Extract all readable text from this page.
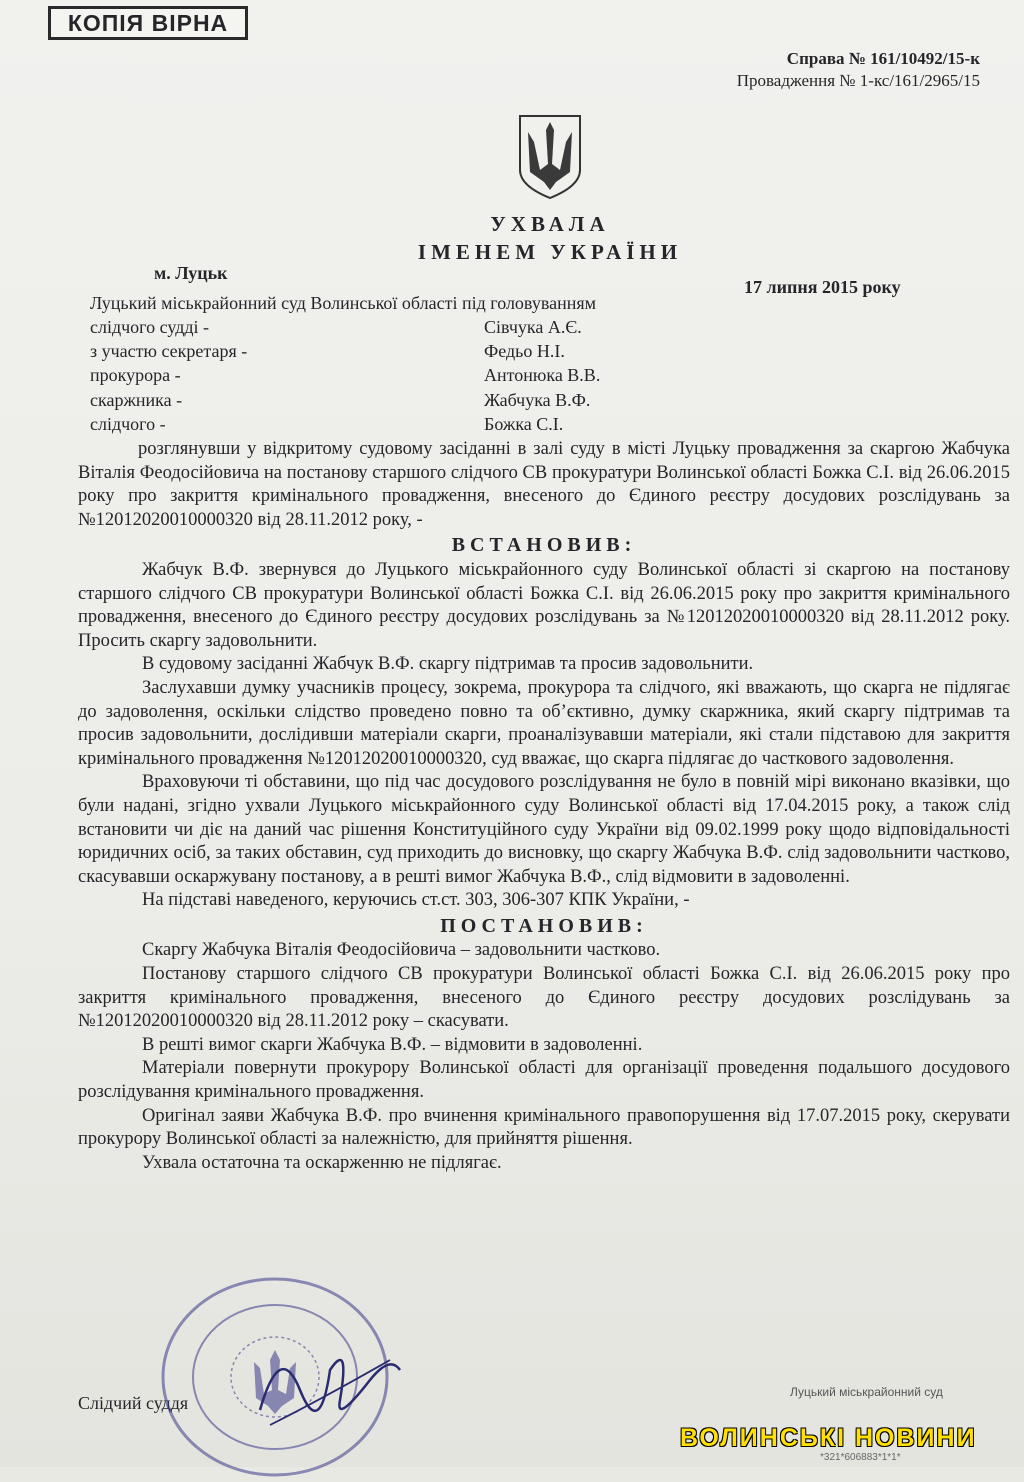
КОПІЯ ВІРНА
Справа № 161/10492/15-к
Провадження № 1-кс/161/2965/15
УХВАЛА
ІМЕНЕМ УКРАЇНИ
м. Луцьк
17 липня 2015 року
Луцький міськрайонний суд Волинської області під головуванням
слідчого судді -	Сівчука А.Є.
з участю секретаря -	Федьо Н.І.
прокурора -	Антонюка В.В.
скаржника -	Жабчука В.Ф.
слідчого -	Божка С.І.

розглянувши у відкритому судовому засіданні в залі суду в місті Луцьку провадження за скаргою Жабчука Віталія Феодосійовича на постанову старшого слідчого СВ прокуратури Волинської області Божка С.І. від 26.06.2015 року про закриття кримінального провадження, внесеного до Єдиного реєстру досудових розслідувань за №12012020010000320 від 28.11.2012 року, -

ВСТАНОВИВ:

Жабчук В.Ф. звернувся до Луцького міськрайонного суду Волинської області зі скаргою на постанову старшого слідчого СВ прокуратури Волинської області Божка С.І. від 26.06.2015 року про закриття кримінального провадження, внесеного до Єдиного реєстру досудових розслідувань за №12012020010000320 від 28.11.2012 року. Просить скаргу задовольнити.

В судовому засіданні Жабчук В.Ф. скаргу підтримав та просив задовольнити.

Заслухавши думку учасників процесу, зокрема, прокурора та слідчого, які вважають, що скарга не підлягає до задоволення, оскільки слідство проведено повно та об’єктивно, думку скаржника, який скаргу підтримав та просив задовольнити, дослідивши матеріали скарги, проаналізувавши матеріали, які стали підставою для закриття кримінального провадження №12012020010000320, суд вважає, що скарга підлягає до часткового задоволення.

Враховуючи ті обставини, що під час досудового розслідування не було в повній мірі виконано вказівки, що були надані, згідно ухвали Луцького міськрайонного суду Волинської області від 17.04.2015 року, а також слід встановити чи діє на даний час рішення Конституційного суду України від 09.02.1999 року щодо відповідальності юридичних осіб, за таких обставин, суд приходить до висновку, що скаргу Жабчука В.Ф. слід задовольнити частково, скасувавши оскаржувану постанову, а в решті вимог Жабчука В.Ф., слід відмовити в задоволенні.

На підставі наведеного, керуючись ст.ст. 303, 306-307 КПК України, -

ПОСТАНОВИВ:

Скаргу Жабчука Віталія Феодосійовича – задовольнити частково.

Постанову старшого слідчого СВ прокуратури Волинської області Божка С.І. від 26.06.2015 року про закриття кримінального провадження, внесеного до Єдиного реєстру досудових розслідувань за №12012020010000320 від 28.11.2012 року – скасувати.

В решті вимог скарги Жабчука В.Ф. – відмовити в задоволенні.

Матеріали повернути прокурору Волинської області для організації проведення подальшого досудового розслідування кримінального провадження.

Оригінал заяви Жабчука В.Ф. про вчинення кримінального правопорушення від 17.07.2015 року, скерувати прокурору Волинської області за належністю, для прийняття рішення.

Ухвала остаточна та оскарженню не підлягає.

Слідчий суддя
Луцький міськрайонний суд
ВОЛИНСЬКІ НОВИНИ
*321*606883*1*1*
